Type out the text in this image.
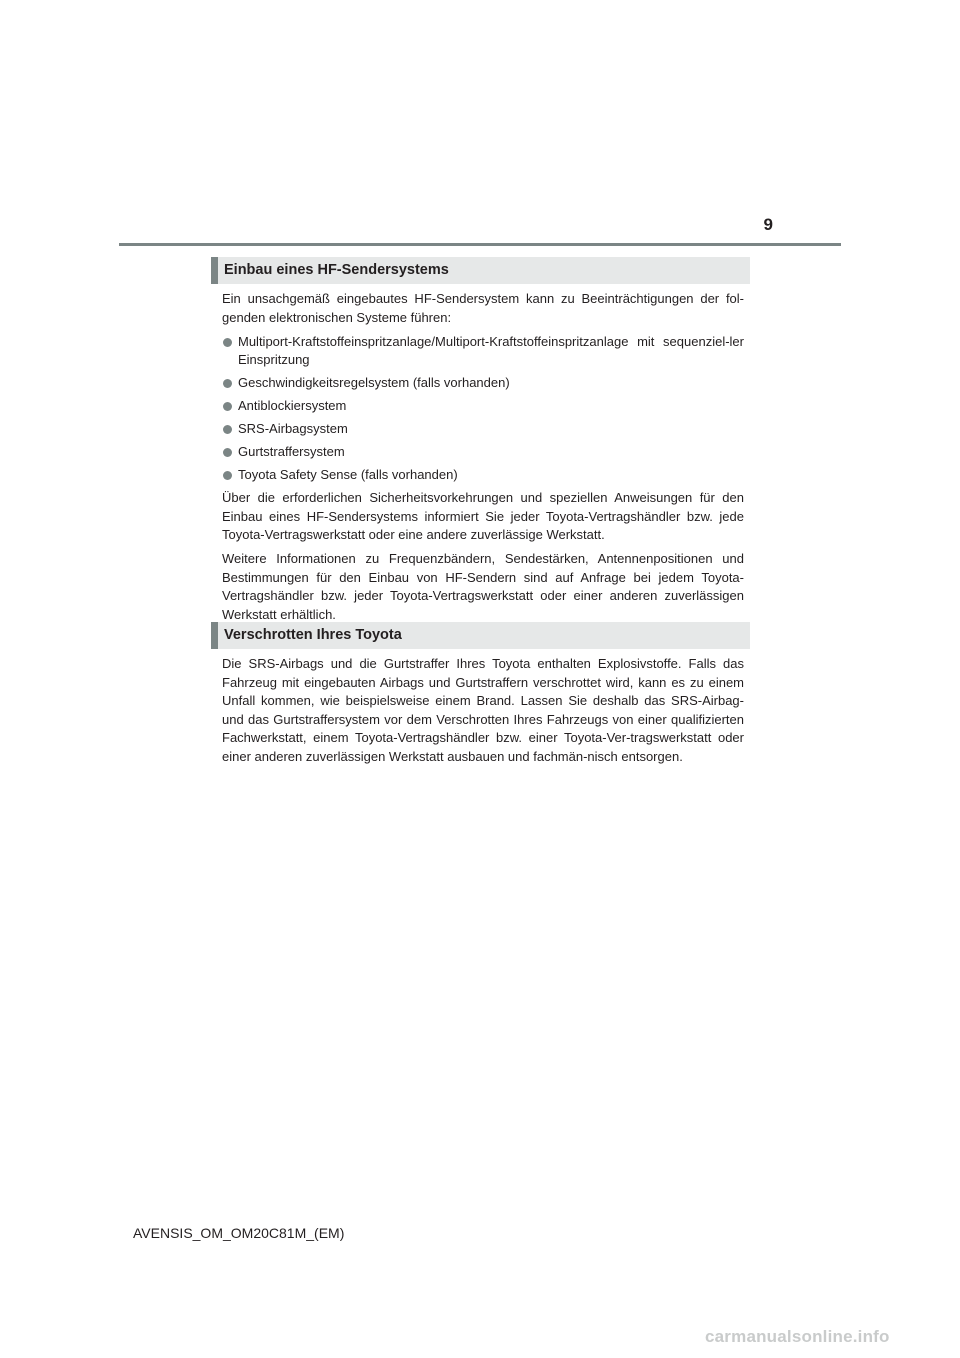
9
Einbau eines HF-Sendersystems

Ein unsachgemäß eingebautes HF-Sendersystem kann zu Beeinträchtigungen der fol-genden elektronischen Systeme führen:

Multiport-Kraftstoffeinspritzanlage/Multiport-Kraftstoffeinspritzanlage mit sequenziel-ler Einspritzung
Geschwindigkeitsregelsystem (falls vorhanden)
Antiblockiersystem
SRS-Airbagsystem
Gurtstraffersystem
Toyota Safety Sense (falls vorhanden)

Über die erforderlichen Sicherheitsvorkehrungen und speziellen Anweisungen für den Einbau eines HF-Sendersystems informiert Sie jeder Toyota-Vertragshändler bzw. jede Toyota-Vertragswerkstatt oder eine andere zuverlässige Werkstatt.

Weitere Informationen zu Frequenzbändern, Sendestärken, Antennenpositionen und Bestimmungen für den Einbau von HF-Sendern sind auf Anfrage bei jedem Toyota-Vertragshändler bzw. jeder Toyota-Vertragswerkstatt oder einer anderen zuverlässigen Werkstatt erhältlich.

Verschrotten Ihres Toyota

Die SRS-Airbags und die Gurtstraffer Ihres Toyota enthalten Explosivstoffe. Falls das Fahrzeug mit eingebauten Airbags und Gurtstraffern verschrottet wird, kann es zu einem Unfall kommen, wie beispielsweise einem Brand. Lassen Sie deshalb das SRS-Airbag- und das Gurtstraffersystem vor dem Verschrotten Ihres Fahrzeugs von einer qualifizierten Fachwerkstatt, einem Toyota-Vertragshändler bzw. einer Toyota-Ver-tragswerkstatt oder einer anderen zuverlässigen Werkstatt ausbauen und fachmän-nisch entsorgen.

AVENSIS_OM_OM20C81M_(EM)
carmanualsonline.info
